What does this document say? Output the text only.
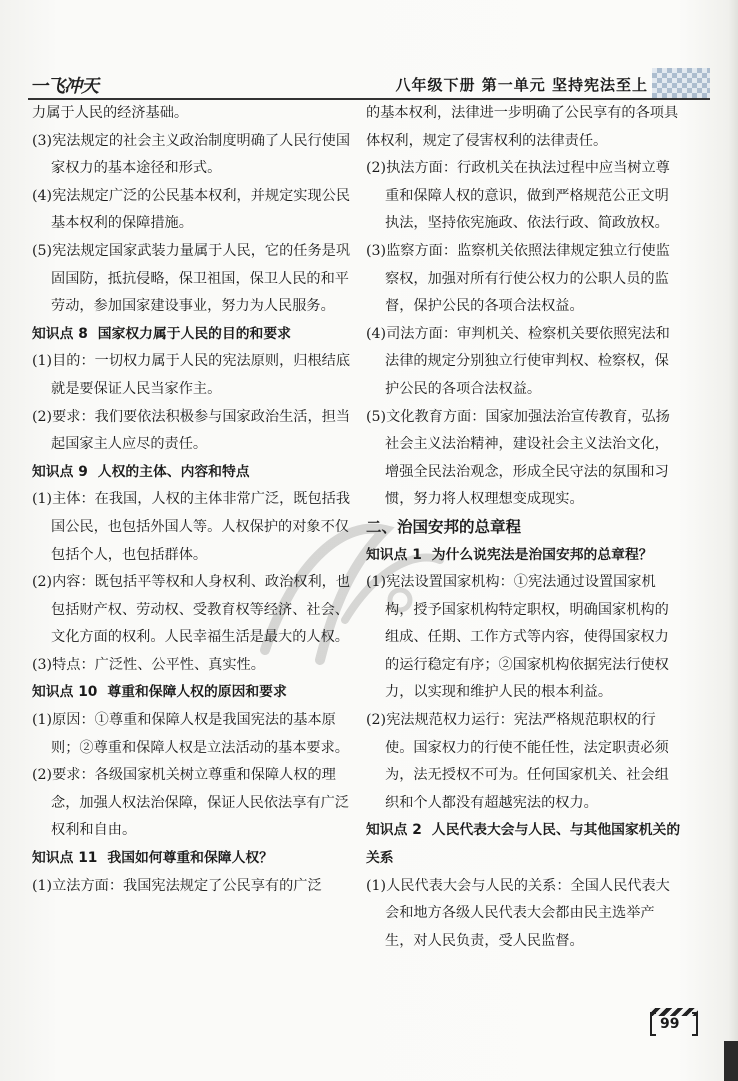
一飞冲天	八年级下册 第一单元 坚持宪法至上

力属于人民的经济基础。

(3)宪法规定的社会主义政治制度明确了人民行使国家权力的基本途径和形式。

(4)宪法规定广泛的公民基本权利，并规定实现公民基本权利的保障措施。

(5)宪法规定国家武装力量属于人民，它的任务是巩固国防，抵抗侵略，保卫祖国，保卫人民的和平劳动，参加国家建设事业，努力为人民服务。

知识点 8 国家权力属于人民的目的和要求

(1)目的：一切权力属于人民的宪法原则，归根结底就是要保证人民当家作主。

(2)要求：我们要依法积极参与国家政治生活，担当起国家主人应尽的责任。

知识点 9 人权的主体、内容和特点

(1)主体：在我国，人权的主体非常广泛，既包括我国公民，也包括外国人等。人权保护的对象不仅包括个人，也包括群体。

(2)内容：既包括平等权和人身权利、政治权利，也包括财产权、劳动权、受教育权等经济、社会、文化方面的权利。人民幸福生活是最大的人权。

(3)特点：广泛性、公平性、真实性。

知识点 10 尊重和保障人权的原因和要求

(1)原因：①尊重和保障人权是我国宪法的基本原则；②尊重和保障人权是立法活动的基本要求。

(2)要求：各级国家机关树立尊重和保障人权的理念，加强人权法治保障，保证人民依法享有广泛权利和自由。

知识点 11 我国如何尊重和保障人权？

(1)立法方面：我国宪法规定了公民享有的广泛

的基本权利，法律进一步明确了公民享有的各项具体权利，规定了侵害权利的法律责任。

(2)执法方面：行政机关在执法过程中应当树立尊重和保障人权的意识，做到严格规范公正文明执法，坚持依宪施政、依法行政、简政放权。

(3)监察方面：监察机关依照法律规定独立行使监察权，加强对所有行使公权力的公职人员的监督，保护公民的各项合法权益。

(4)司法方面：审判机关、检察机关要依照宪法和法律的规定分别独立行使审判权、检察权，保护公民的各项合法权益。

(5)文化教育方面：国家加强法治宣传教育，弘扬社会主义法治精神，建设社会主义法治文化，增强全民法治观念，形成全民守法的氛围和习惯，努力将人权理想变成现实。

二、治国安邦的总章程

知识点 1 为什么说宪法是治国安邦的总章程？

(1)宪法设置国家机构：①宪法通过设置国家机构，授予国家机构特定职权，明确国家机构的组成、任期、工作方式等内容，使得国家权力的运行稳定有序；②国家机构依据宪法行使权力，以实现和维护人民的根本利益。

(2)宪法规范权力运行：宪法严格规范职权的行使。国家权力的行使不能任性，法定职责必须为，法无授权不可为。任何国家机关、社会组织和个人都没有超越宪法的权力。

知识点 2 人民代表大会与人民、与其他国家机关的关系

(1)人民代表大会与人民的关系：全国人民代表大会和地方各级人民代表大会都由民主选举产生，对人民负责，受人民监督。

99
